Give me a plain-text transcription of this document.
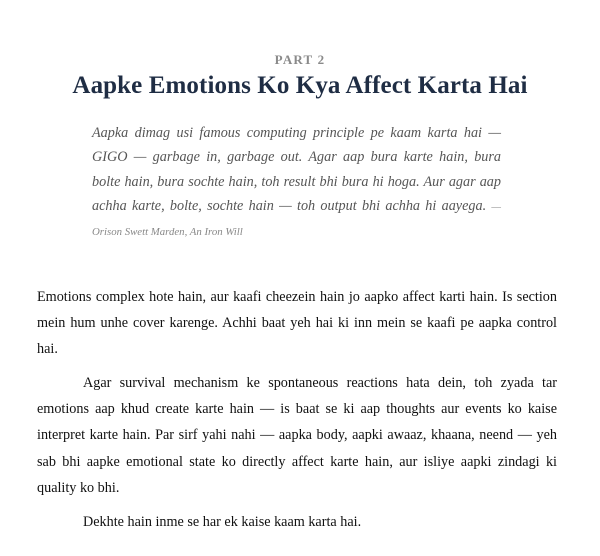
PART 2
Aapke Emotions Ko Kya Affect Karta Hai
Aapka dimag usi famous computing principle pe kaam karta hai — GIGO — garbage in, garbage out. Agar aap bura karte hain, bura bolte hain, bura sochte hain, toh result bhi bura hi hoga. Aur agar aap achha karte, bolte, sochte hain — toh output bhi achha hi aayega. — Orison Swett Marden, An Iron Will

Emotions complex hote hain, aur kaafi cheezein hain jo aapko affect karti hain. Is section mein hum unhe cover karenge. Achhi baat yeh hai ki inn mein se kaafi pe aapka control hai.

Agar survival mechanism ke spontaneous reactions hata dein, toh zyada tar emotions aap khud create karte hain — is baat se ki aap thoughts aur events ko kaise interpret karte hain. Par sirf yahi nahi — aapka body, aapki awaaz, khaana, neend — yeh sab bhi aapke emotional state ko directly affect karte hain, aur isliye aapki zindagi ki quality ko bhi.

Dekhte hain inme se har ek kaise kaam karta hai.
